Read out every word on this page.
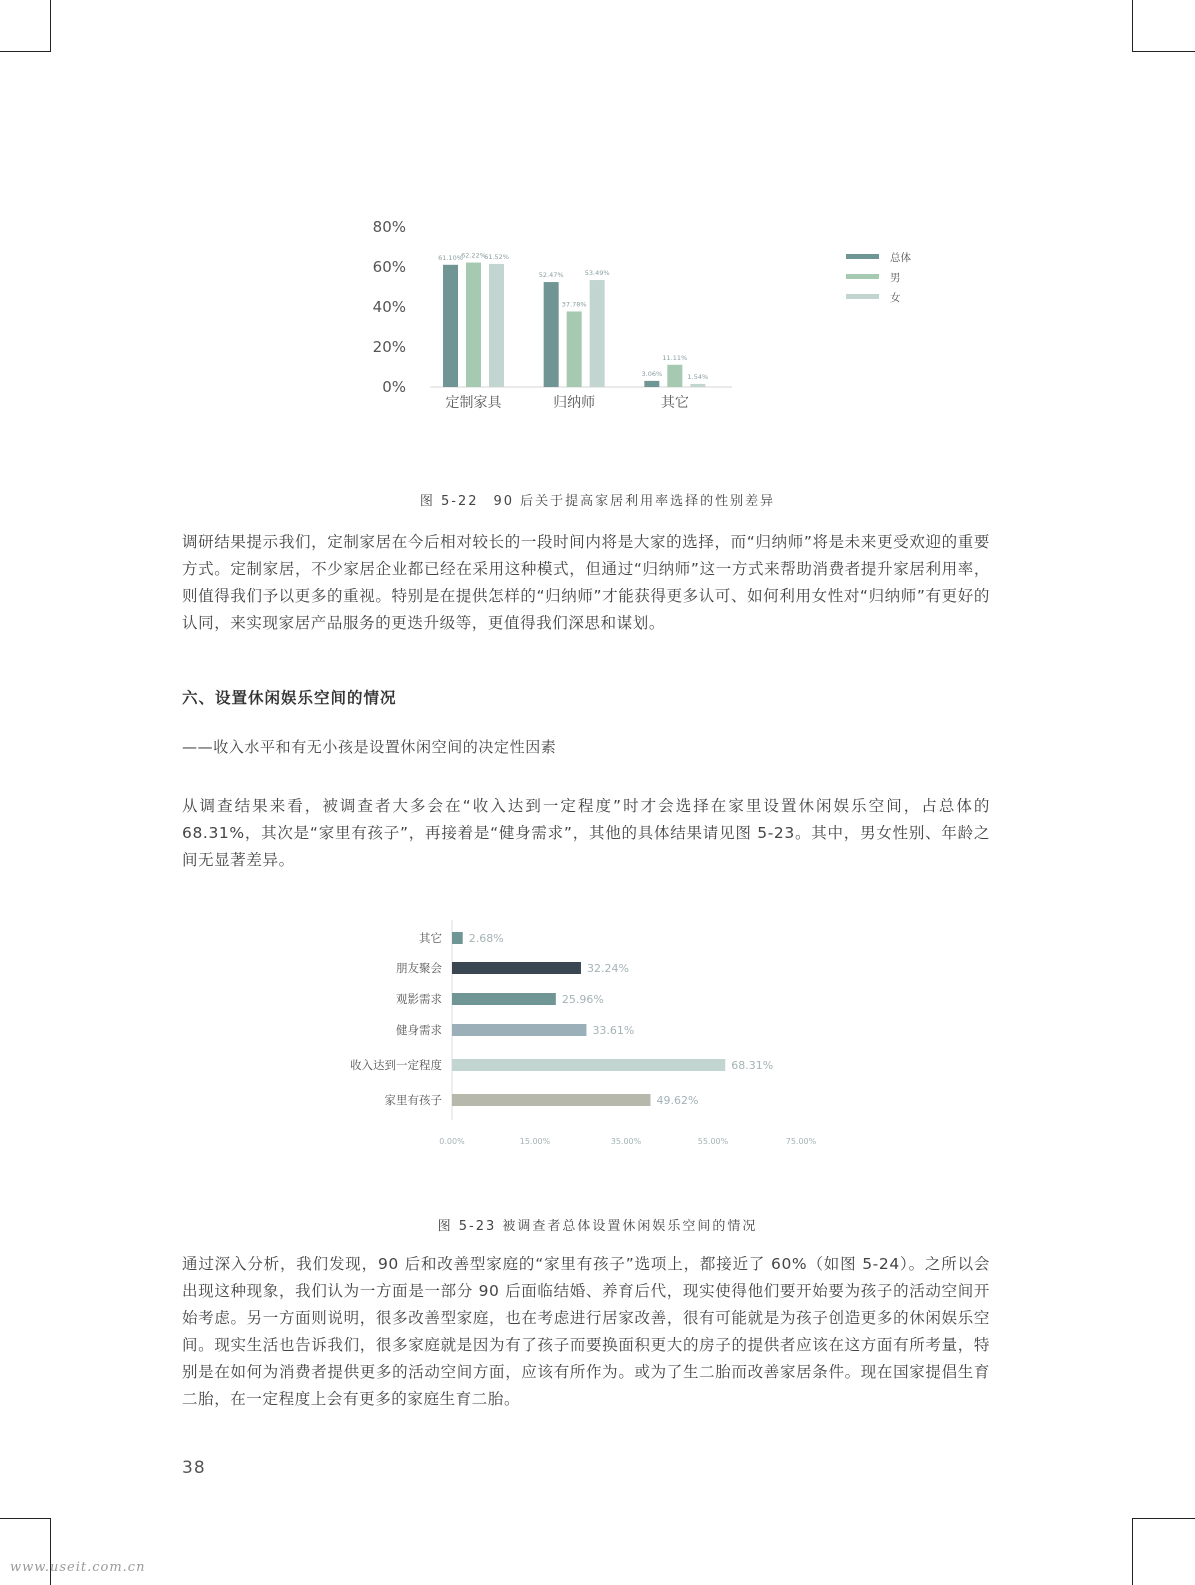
80%
60%
40%
20%
0%
61.10%
62.22%
61.52%
定制家具
52.47%
37.78%
53.49%
归纳师
3.06%
11.11%
1.54%
其它
总体
男
女
图 5-22　90 后关于提高家居利用率选择的性别差异

调研结果提示我们，定制家居在今后相对较长的一段时间内将是大家的选择，而“归纳师”将是未来更受欢迎的重要方式。定制家居，不少家居企业都已经在采用这种模式，但通过“归纳师”这一方式来帮助消费者提升家居利用率，则值得我们予以更多的重视。特别是在提供怎样的“归纳师”才能获得更多认可、如何利用女性对“归纳师”有更好的认同，来实现家居产品服务的更迭升级等，更值得我们深思和谋划。

六、设置休闲娱乐空间的情况

——收入水平和有无小孩是设置休闲空间的决定性因素

从调查结果来看，被调查者大多会在“收入达到一定程度”时才会选择在家里设置休闲娱乐空间，占总体的 68.31%，其次是“家里有孩子”，再接着是“健身需求”，其他的具体结果请见图 5-23。其中，男女性别、年龄之间无显著差异。

其它 2.68%
朋友聚会	32.24%
观影需求	25.96%
健身需求	33.61%
收入达到一定程度	68.31%
家里有孩子	49.62%
0.00%	15.00%	35.00%	55.00%	75.00%
图 5-23 被调查者总体设置休闲娱乐空间的情况

通过深入分析，我们发现，90 后和改善型家庭的“家里有孩子”选项上，都接近了 60%（如图 5-24）。之所以会出现这种现象，我们认为一方面是一部分 90 后面临结婚、养育后代，现实使得他们要开始要为孩子的活动空间开始考虑。另一方面则说明，很多改善型家庭，也在考虑进行居家改善，很有可能就是为孩子创造更多的休闲娱乐空间。现实生活也告诉我们，很多家庭就是因为有了孩子而要换面积更大的房子的提供者应该在这方面有所考量，特别是在如何为消费者提供更多的活动空间方面，应该有所作为。或为了生二胎而改善家居条件。现在国家提倡生育二胎，在一定程度上会有更多的家庭生育二胎。

38
www.useit.com.cn
